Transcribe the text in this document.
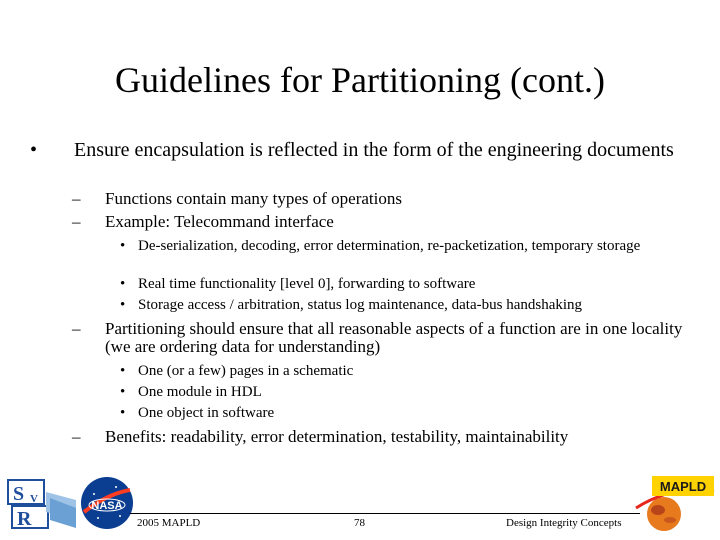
Guidelines for Partitioning (cont.)
• Ensure encapsulation is reflected in the form of the engineering documents
– Functions contain many types of operations
– Example: Telecommand interface
• De-serialization, decoding, error determination, re-packetization, temporary storage
• Real time functionality [level 0], forwarding to software
• Storage access / arbitration, status log maintenance, data-bus handshaking
– Partitioning should ensure that all reasonable aspects of a function are in one locality (we are ordering data for understanding)
• One (or a few) pages in a schematic
• One module in HDL
• One object in software
– Benefits: readability, error determination, testability, maintainability
S V
R
NASA
MAPLD
2005 MAPLD	78	Design Integrity Concepts
